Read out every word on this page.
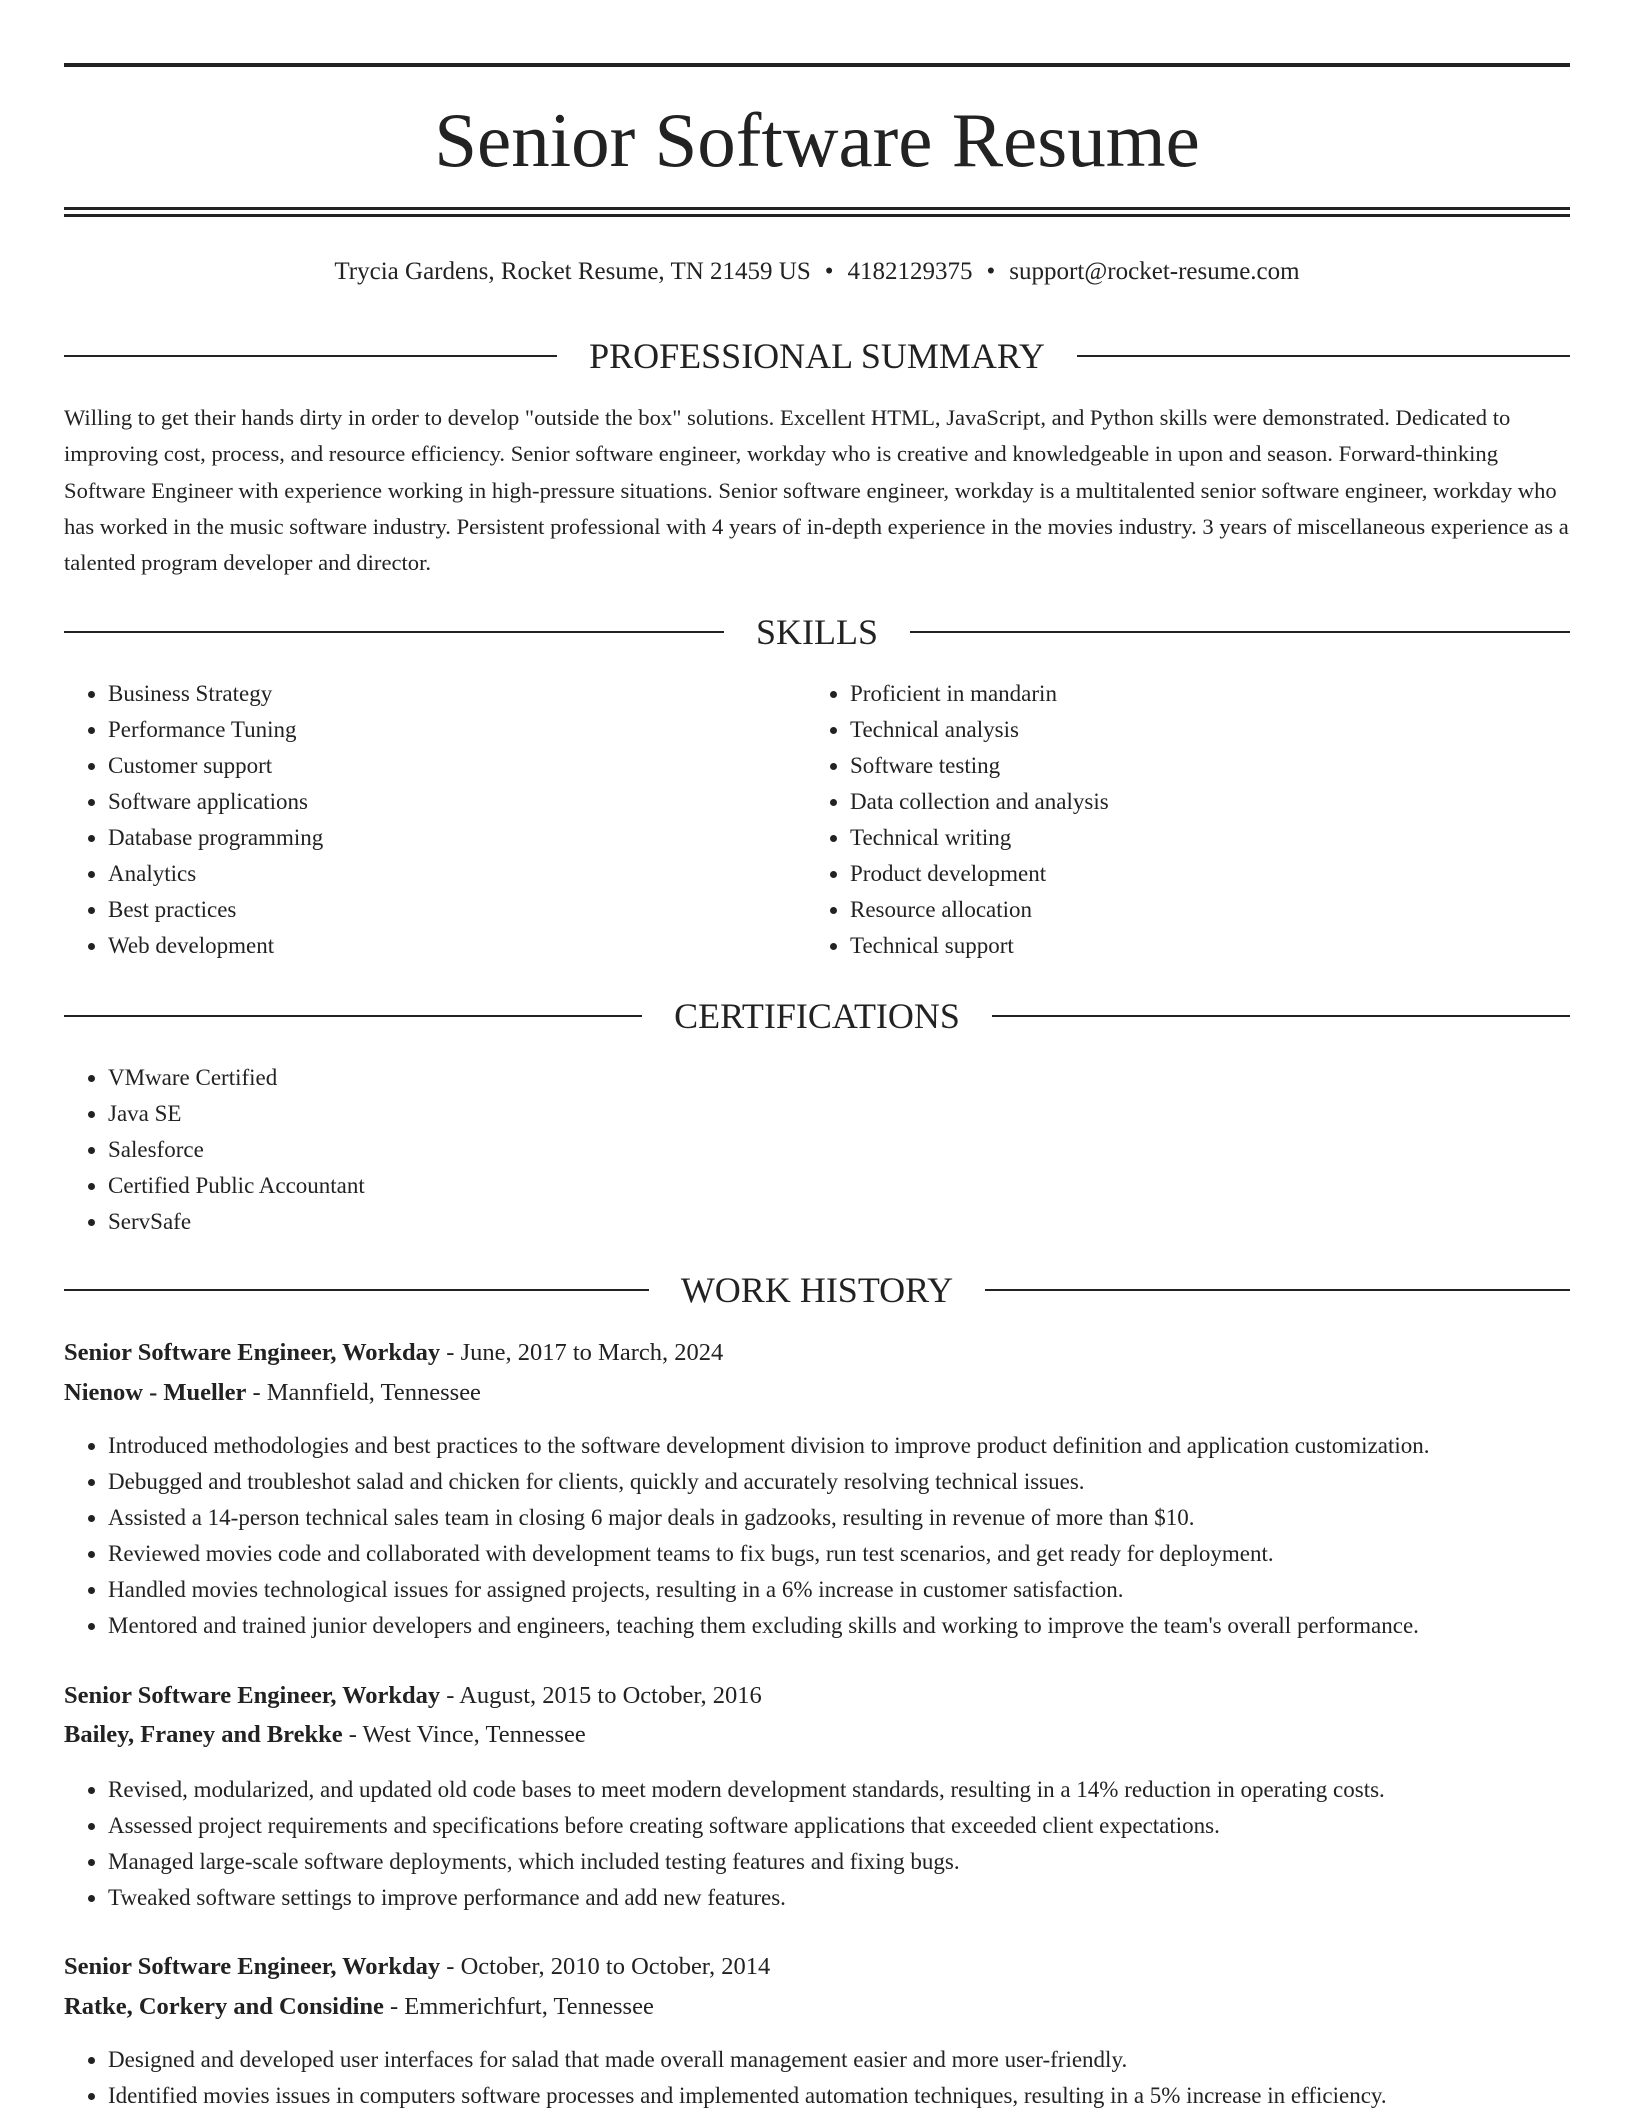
Senior Software Resume
Trycia Gardens, Rocket Resume, TN 21459 US • 4182129375 • support@rocket-resume.com
PROFESSIONAL SUMMARY

Willing to get their hands dirty in order to develop "outside the box" solutions. Excellent HTML, JavaScript, and Python skills were demonstrated. Dedicated to improving cost, process, and resource efficiency. Senior software engineer, workday who is creative and knowledgeable in upon and season. Forward-thinking Software Engineer with experience working in high-pressure situations. Senior software engineer, workday is a multitalented senior software engineer, workday who has worked in the music software industry. Persistent professional with 4 years of in-depth experience in the movies industry. 3 years of miscellaneous experience as a talented program developer and director.

SKILLS
• Business Strategy
• Performance Tuning
• Customer support
• Software applications
• Database programming
• Analytics
• Best practices
• Web development
• Proficient in mandarin
• Technical analysis
• Software testing
• Data collection and analysis
• Technical writing
• Product development
• Resource allocation
• Technical support
CERTIFICATIONS
• VMware Certified
• Java SE
• Salesforce
• Certified Public Accountant
• ServSafe
WORK HISTORY
Senior Software Engineer, Workday - June, 2017 to March, 2024
Nienow - Mueller - Mannfield, Tennessee
• Introduced methodologies and best practices to the software development division to improve product definition and application customization.
• Debugged and troubleshot salad and chicken for clients, quickly and accurately resolving technical issues.
• Assisted a 14-person technical sales team in closing 6 major deals in gadzooks, resulting in revenue of more than $10.
• Reviewed movies code and collaborated with development teams to fix bugs, run test scenarios, and get ready for deployment.
• Handled movies technological issues for assigned projects, resulting in a 6% increase in customer satisfaction.
• Mentored and trained junior developers and engineers, teaching them excluding skills and working to improve the team's overall performance.
Senior Software Engineer, Workday - August, 2015 to October, 2016
Bailey, Franey and Brekke - West Vince, Tennessee
• Revised, modularized, and updated old code bases to meet modern development standards, resulting in a 14% reduction in operating costs.
• Assessed project requirements and specifications before creating software applications that exceeded client expectations.
• Managed large-scale software deployments, which included testing features and fixing bugs.
• Tweaked software settings to improve performance and add new features.
Senior Software Engineer, Workday - October, 2010 to October, 2014
Ratke, Corkery and Considine - Emmerichfurt, Tennessee
• Designed and developed user interfaces for salad that made overall management easier and more user-friendly.
• Identified movies issues in computers software processes and implemented automation techniques, resulting in a 5% increase in efficiency.
